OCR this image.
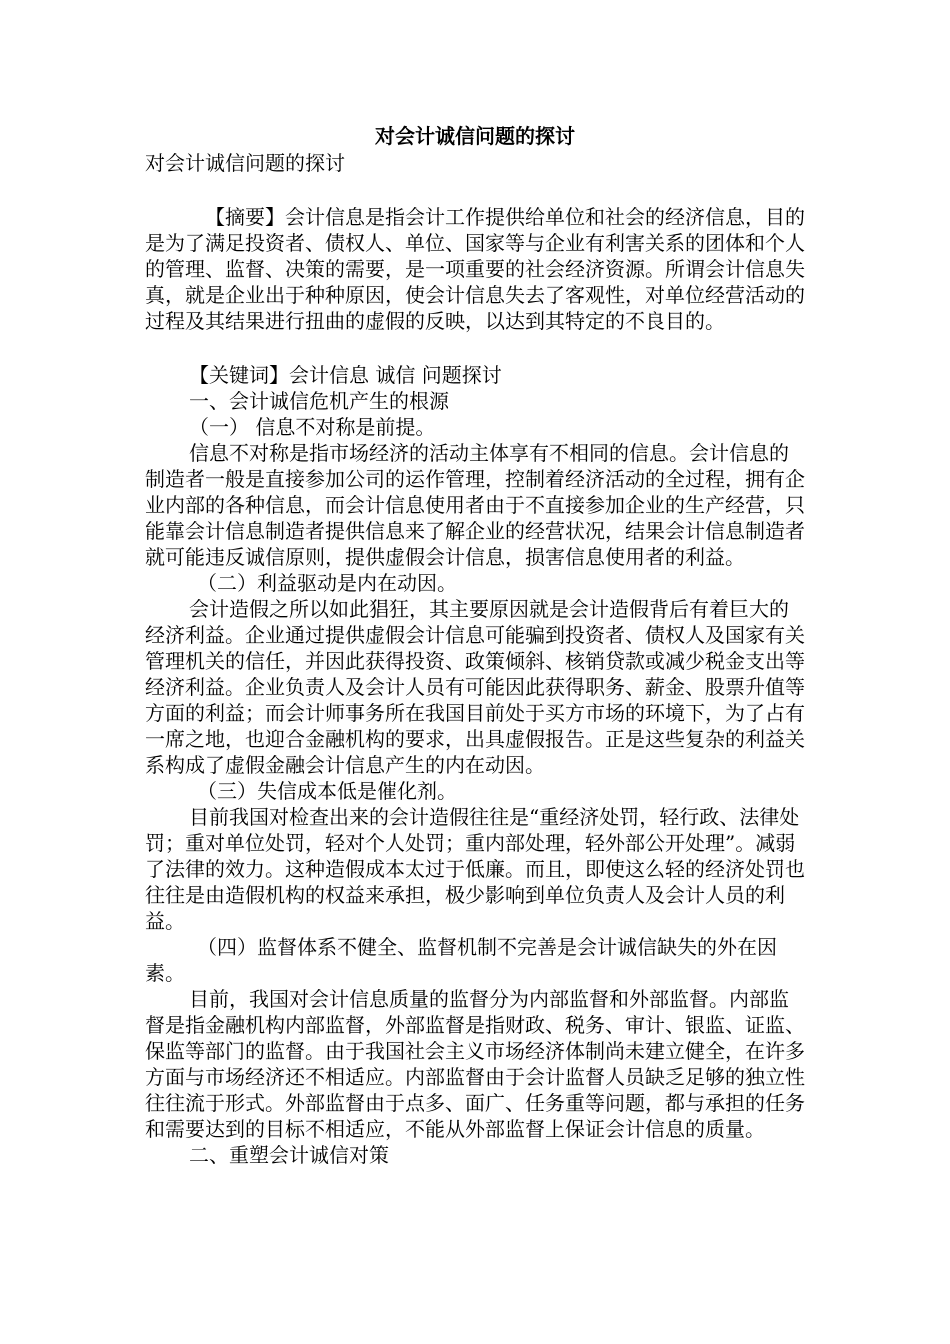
对会计诚信问题的探讨

对会计诚信问题的探讨

【摘要】会计信息是指会计工作提供给单位和社会的经济信息，目的是为了满足投资者、债权人、单位、国家等与企业有利害关系的团体和个人的管理、监督、决策的需要，是一项重要的社会经济资源。所谓会计信息失真，就是企业出于种种原因，使会计信息失去了客观性，对单位经营活动的过程及其结果进行扭曲的虚假的反映，以达到其特定的不良目的。

【关键词】会计信息 诚信 问题探讨

一、会计诚信危机产生的根源

（一） 信息不对称是前提。

信息不对称是指市场经济的活动主体享有不相同的信息。会计信息的制造者一般是直接参加公司的运作管理，控制着经济活动的全过程，拥有企业内部的各种信息，而会计信息使用者由于不直接参加企业的生产经营，只能靠会计信息制造者提供信息来了解企业的经营状况，结果会计信息制造者就可能违反诚信原则，提供虚假会计信息，损害信息使用者的利益。

（二）利益驱动是内在动因。

会计造假之所以如此猖狂，其主要原因就是会计造假背后有着巨大的经济利益。企业通过提供虚假会计信息可能骗到投资者、债权人及国家有关管理机关的信任，并因此获得投资、政策倾斜、核销贷款或减少税金支出等经济利益。企业负责人及会计人员有可能因此获得职务、薪金、股票升值等方面的利益；而会计师事务所在我国目前处于买方市场的环境下，为了占有一席之地，也迎合金融机构的要求，出具虚假报告。正是这些复杂的利益关系构成了虚假金融会计信息产生的内在动因。

（三）失信成本低是催化剂。

目前我国对检查出来的会计造假往往是“重经济处罚，轻行政、法律处罚；重对单位处罚，轻对个人处罚；重内部处理，轻外部公开处理”。减弱了法律的效力。这种造假成本太过于低廉。而且，即使这么轻的经济处罚也往往是由造假机构的权益来承担，极少影响到单位负责人及会计人员的利益。

（四）监督体系不健全、监督机制不完善是会计诚信缺失的外在因素。

目前，我国对会计信息质量的监督分为内部监督和外部监督。内部监督是指金融机构内部监督，外部监督是指财政、税务、审计、银监、证监、保监等部门的监督。由于我国社会主义市场经济体制尚未建立健全，在许多方面与市场经济还不相适应。内部监督由于会计监督人员缺乏足够的独立性往往流于形式。外部监督由于点多、面广、任务重等问题，都与承担的任务和需要达到的目标不相适应，不能从外部监督上保证会计信息的质量。

二、重塑会计诚信对策
